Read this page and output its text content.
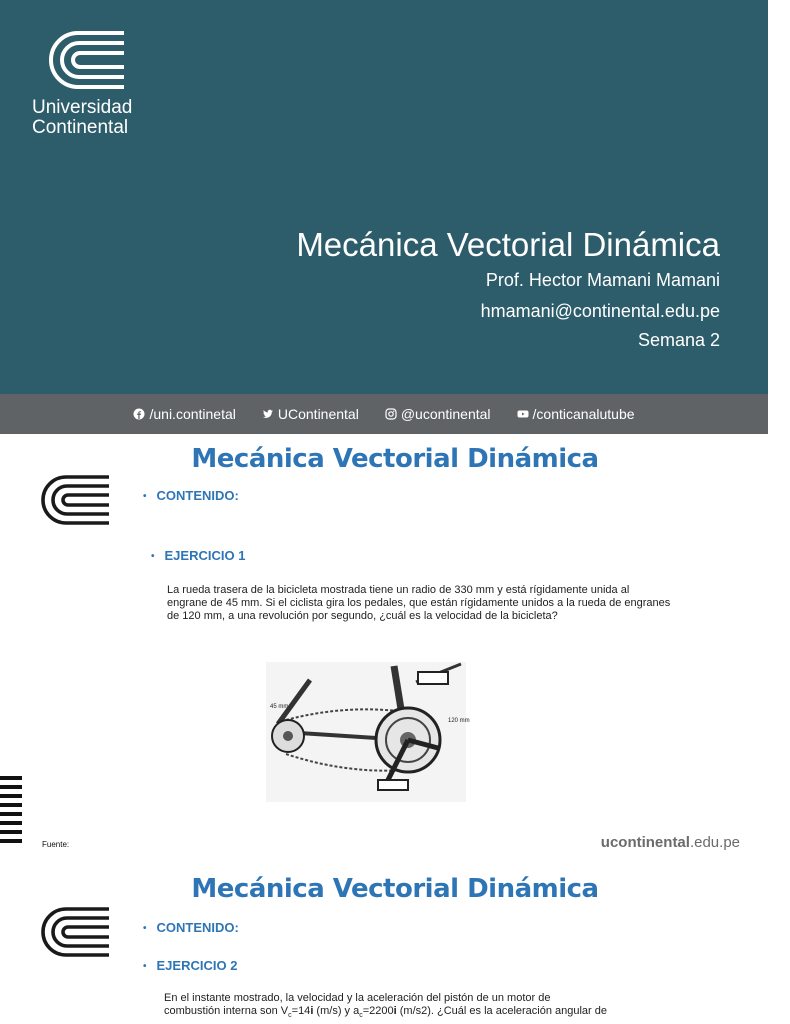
Universidad
Continental
Mecánica Vectorial Dinámica
Prof. Hector Mamani Mamani
hmamani@continental.edu.pe
Semana 2
/uni.continetal	UContinental	@ucontinental	/conticanalutube
Mecánica Vectorial Dinámica
• CONTENIDO:
• EJERCICIO 1
La rueda trasera de la bicicleta mostrada tiene un radio de 330 mm y está rígidamente unida al engrane de 45 mm. Si el ciclista gira los pedales, que están rígidamente unidos a la rueda de engranes de 120 mm, a una revolución por segundo, ¿cuál es la velocidad de la bicicleta?
45 mm
120 mm
Fuente:	ucontinental.edu.pe
Mecánica Vectorial Dinámica
• CONTENIDO:
• EJERCICIO 2
En el instante mostrado, la velocidad y la aceleración del pistón de un motor de
combustión interna son $V_c=14i$ (m/s) y $a_c=2200i$ (m/s2). ¿Cuál es la aceleración angular de
